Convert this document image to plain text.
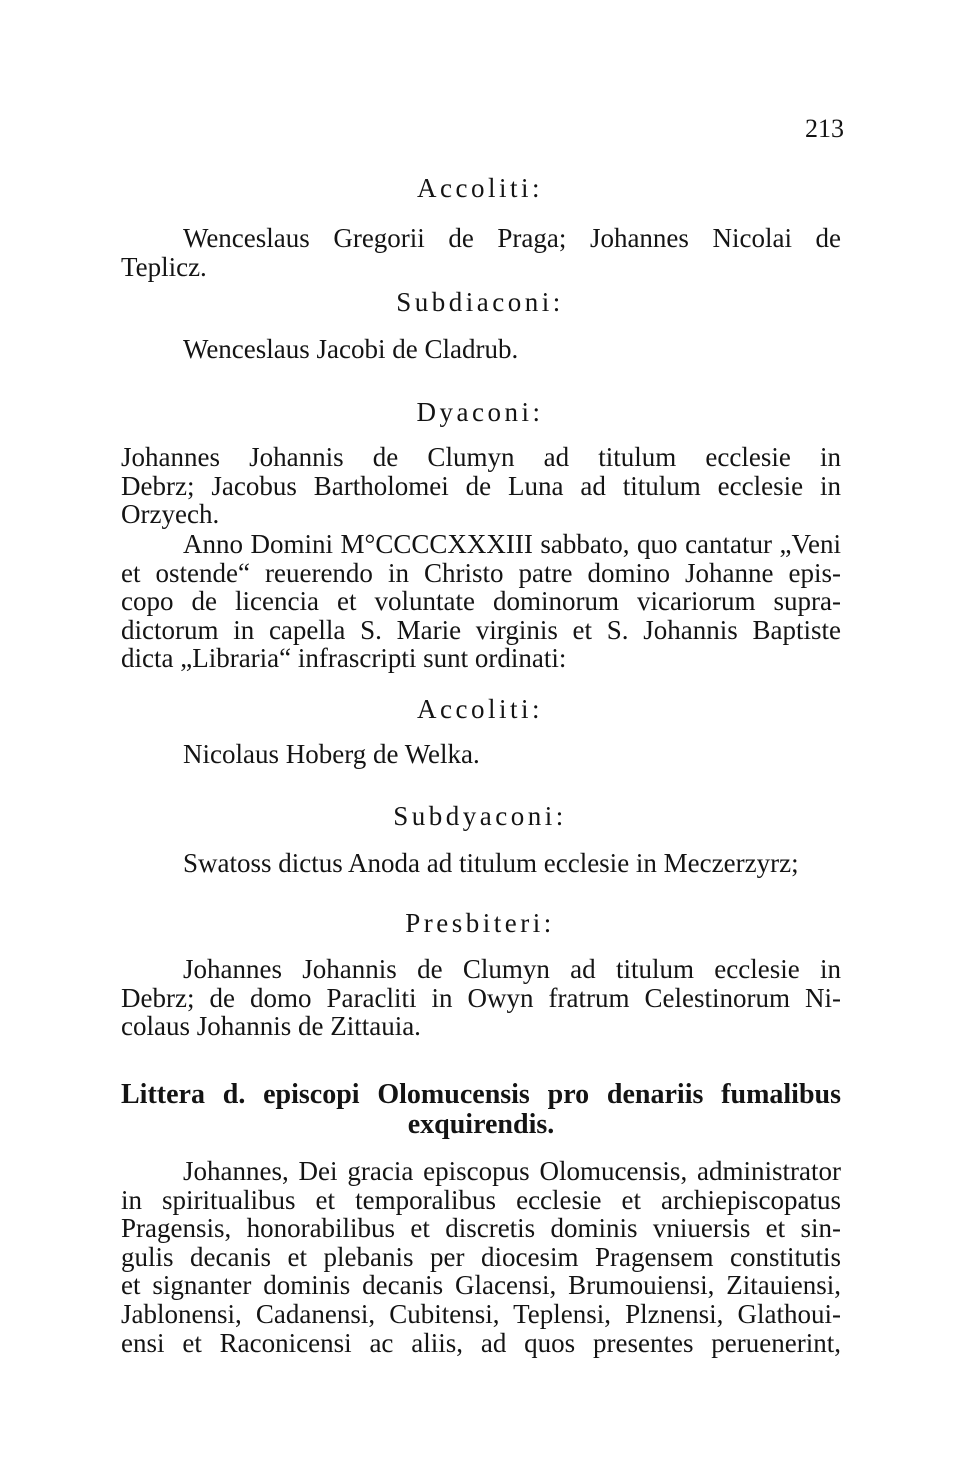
213
Accoliti:
Wenceslaus Gregorii de Praga; Johannes Nicolai de
Teplicz.
Subdiaconi:
Wenceslaus Jacobi de Cladrub.
Dyaconi:
Johannes Johannis de Clumyn ad titulum ecclesie in
Debrz; Jacobus Bartholomei de Luna ad titulum ecclesie in
Orzyech.
Anno Domini M°CCCCXXXIII sabbato, quo cantatur „Veni
et ostende“ reuerendo in Christo patre domino Johanne epis-
copo de licencia et voluntate dominorum vicariorum supra-
dictorum in capella S. Marie virginis et S. Johannis Baptiste
dicta „Libraria“ infrascripti sunt ordinati:
Accoliti:
Nicolaus Hoberg de Welka.
Subdyaconi:
Swatoss dictus Anoda ad titulum ecclesie in Meczerzyrz;
Presbiteri:
Johannes Johannis de Clumyn ad titulum ecclesie in
Debrz; de domo Paracliti in Owyn fratrum Celestinorum Ni-
colaus Johannis de Zittauia.
Littera d. episcopi Olomucensis pro denariis fumalibus
exquirendis.
Johannes, Dei gracia episcopus Olomucensis, administrator
in spiritualibus et temporalibus ecclesie et archiepiscopatus
Pragensis, honorabilibus et discretis dominis vniuersis et sin-
gulis decanis et plebanis per diocesim Pragensem constitutis
et signanter dominis decanis Glacensi, Brumouiensi, Zitauiensi,
Jablonensi, Cadanensi, Cubitensi, Teplensi, Plznensi, Glathoui-
ensi et Raconicensi ac aliis, ad quos presentes peruenerint,
